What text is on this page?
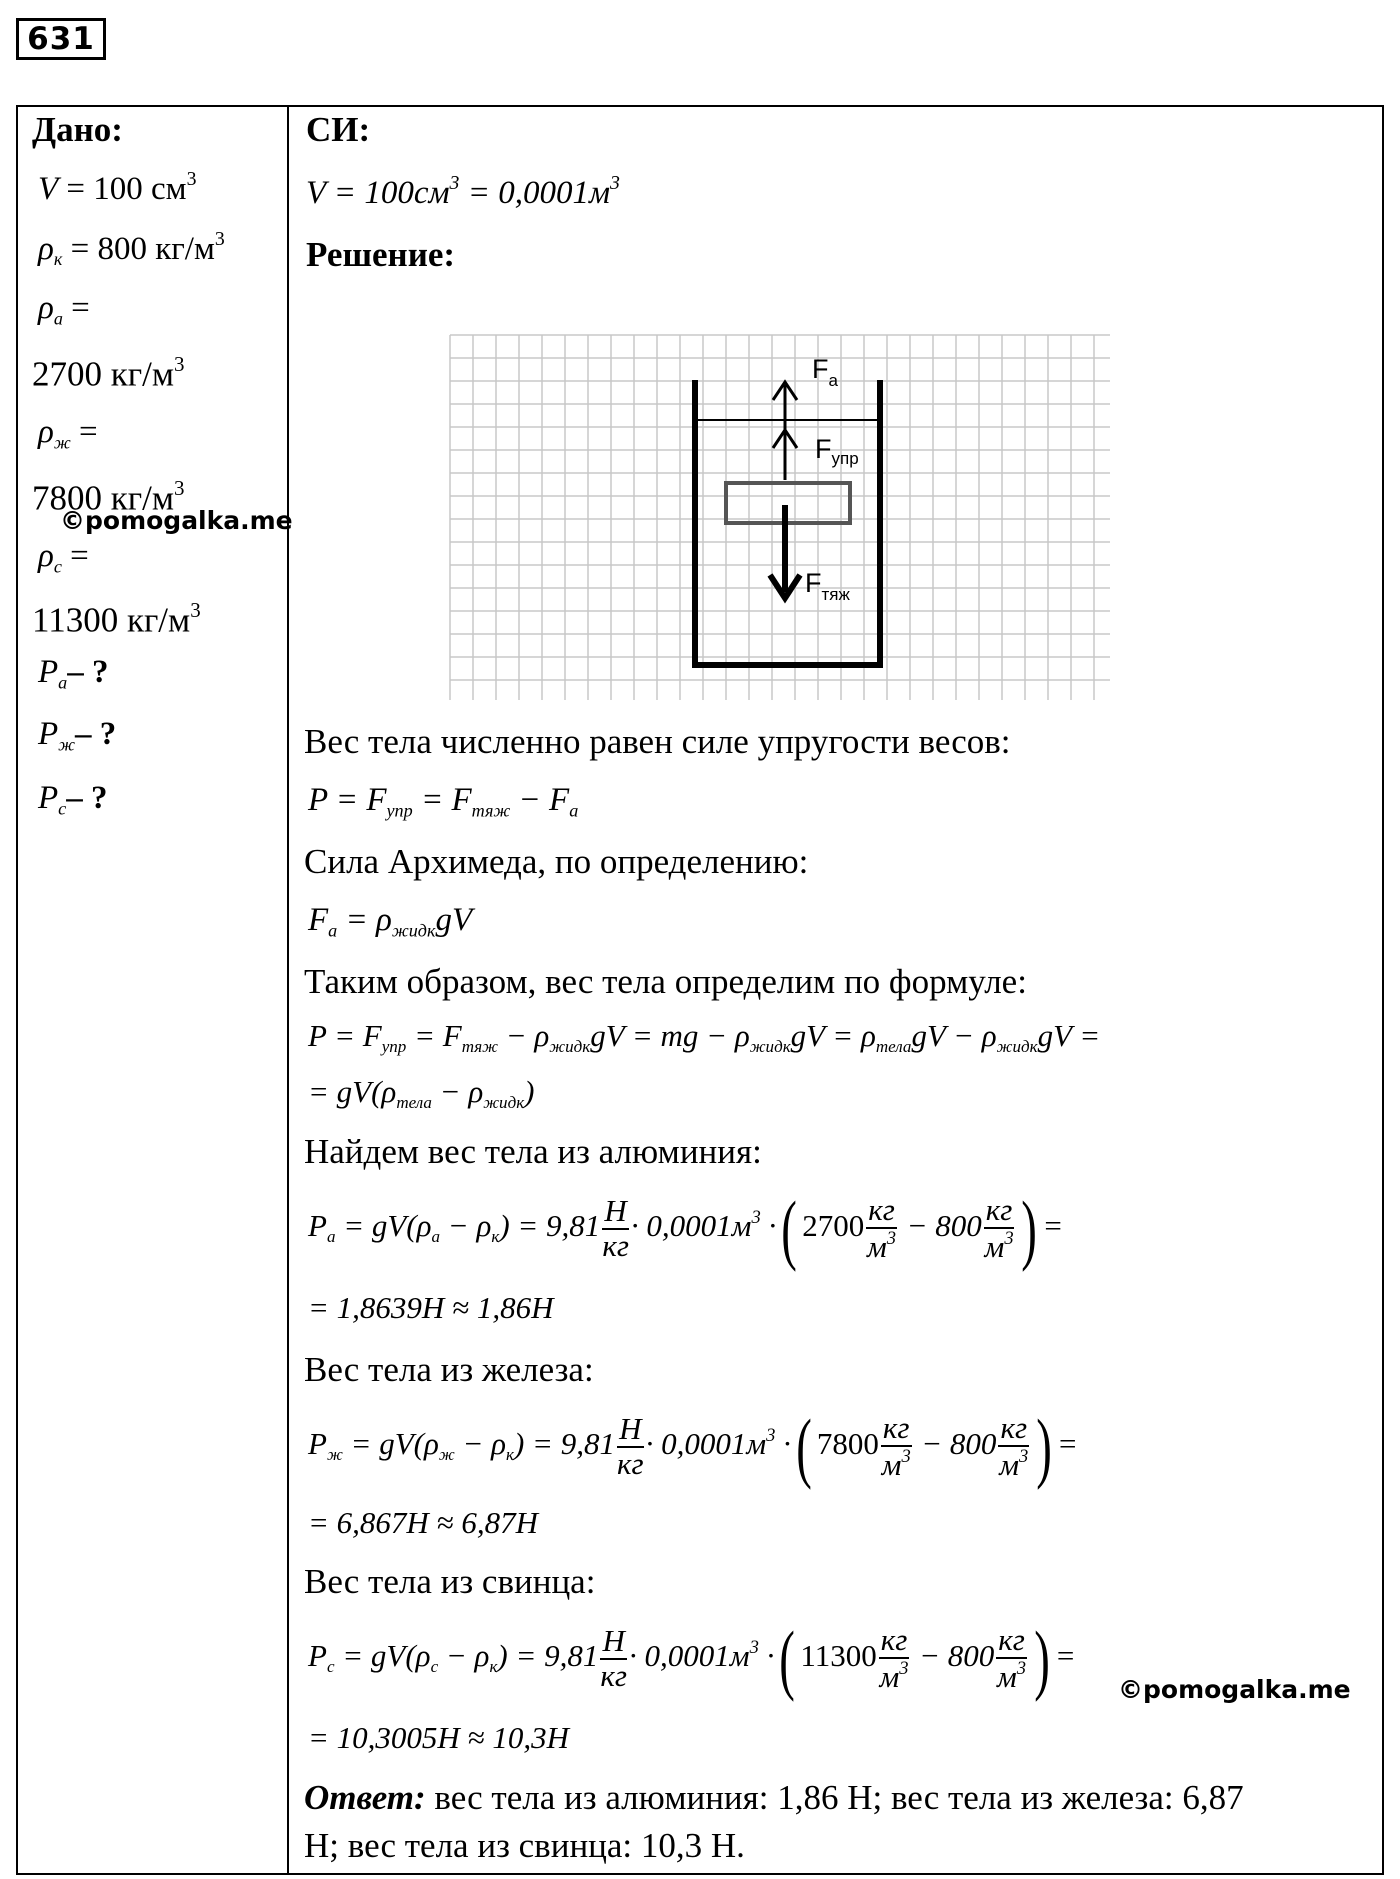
631
Дано:
V = 100 $см^3$
$\rho_к = 800$ $кг/м^3$
$\rho_а$ =
2700 $кг/м^3$
$\rho_ж$ =
7800 $кг/м^3$
©pomogalka.me
$\rho_с$ =
11300 $кг/м^3$
$P_а-$ ?
$P_ж-$ ?
$P_с-$ ?
СИ:
$V = 100см^3 = 0,0001м^3$
Решение:
$F_а$
$F_{упр}$
$F_{тяж}$
Вес тела численно равен силе упругости весов:
$P = F_{упр} = F_{тяж} - F_а$
Сила Архимеда, по определению:
$F_а = \rho_{жидк}gV$
Таким образом, вес тела определим по формуле:
$P = F_{упр} = F_{тяж} - \rho_{жидк}gV$ = mg − $\rho_{жидк}gV = \rho_{тела}gV - \rho_{жидк}gV$ =
= $gV(\rho_{тела} - \rho_{жидк})$
Найдем вес тела из алюминия:
$P_а = gV(\rho_а - \rho_к) = 9,81 \frac{H}{кг} \cdot 0,0001м^3$ ·( $2700 \frac{кг}{м^3} - 800 \frac{кг}{м^3}$ ) =
= 1,8639H ≈ 1,86H
Вес тела из железа:
$P_ж = gV(\rho_ж - \rho_к) = 9,81 \frac{H}{кг} \cdot 0,0001м^3$ ·( $7800 \frac{кг}{м^3} - 800 \frac{кг}{м^3}$ ) =
= 6,867H ≈ 6,87H
Вес тела из свинца:
$P_с = gV(\rho_с - \rho_к) = 9,81 \frac{H}{кг} \cdot 0,0001м^3$ ·( $11300 \frac{кг}{м^3} - 800 \frac{кг}{м^3}$ ) =
©pomogalka.me
= 10,3005H ≈ 10,3H
Ответ: вес тела из алюминия: 1,86 Н; вес тела из железа: 6,87
Н; вес тела из свинца: 10,3 Н.
